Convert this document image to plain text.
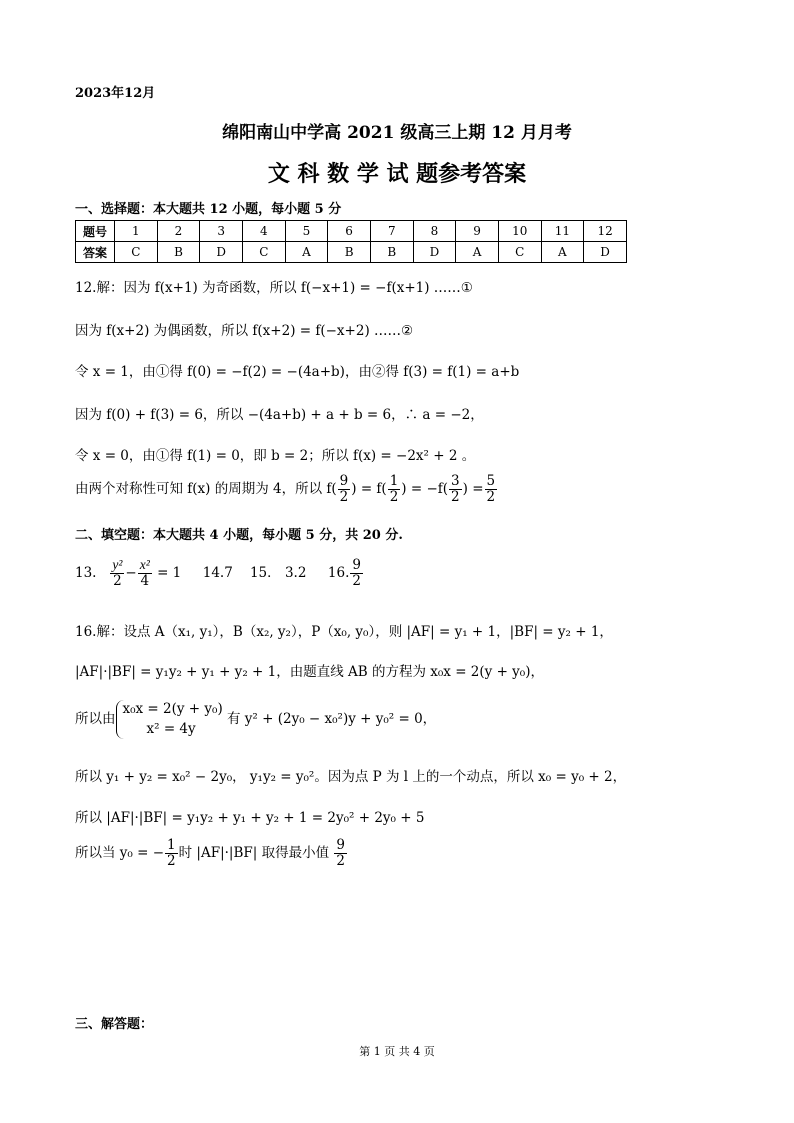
2023年12月
绵阳南山中学高 2021 级高三上期 12 月月考
文 科 数 学 试 题参考答案
一、选择题：本大题共 12 小题，每小题 5 分
题号	1	2	3	4	5	6	7	8	9	10	11	12
答案	C	B	D	C	A	B	B	D	A	C	A	D
12.解：因为 f(x+1) 为奇函数，所以 f(−x+1) = −f(x+1) ……①
因为 f(x+2) 为偶函数，所以 f(x+2) = f(−x+2) ……②
令 x = 1，由①得 f(0) = −f(2) = −(4a+b)，由②得 f(3) = f(1) = a+b
因为 f(0) + f(3) = 6，所以 −(4a+b) + a + b = 6，∴ a = −2，
令 x = 0，由①得 f(1) = 0，即 b = 2；所以 f(x) = −2x² + 2 。
由两个对称性可知 f(x) 的周期为 4，所以 $f( \frac{9}{2}$ ) = $f( \frac{1}{2}$ ) = $-f( \frac{3}{2}$ ) = $\frac{5}{2}$
二、填空题：本大题共 4 小题，每小题 5 分，共 20 分.
13. $\frac{\text{y²}}{2} - \frac{\text{x²}}{4} = 1$ 14.7 15． 3.2 16. $\frac{9}{2}$
16.解：设点 A（x₁, y₁），B（x₂, y₂），P（x₀, y₀），则 |AF| = y₁ + 1，|BF| = y₂ + 1，
|AF|·|BF| = y₁y₂ + y₁ + y₂ + 1，由题直线 AB 的方程为 x₀x = 2(y + y₀)，
所以由
x₀x = 2(y + y₀)
x² = 4y
有 y² + (2y₀ − x₀²)y + y₀² = 0，
所以 y₁ + y₂ = x₀² − 2y₀， y₁y₂ = y₀²。因为点 P 为 l 上的一个动点，所以 x₀ = y₀ + 2，
所以 |AF|·|BF| = y₁y₂ + y₁ + y₂ + 1 = 2y₀² + 2y₀ + 5
所以当 y₀ = − $\frac{1}{2}$ 时 |AF|·|BF| 取得最小值 $\frac{9}{2}$
三、解答题：
第 1 页 共 4 页
